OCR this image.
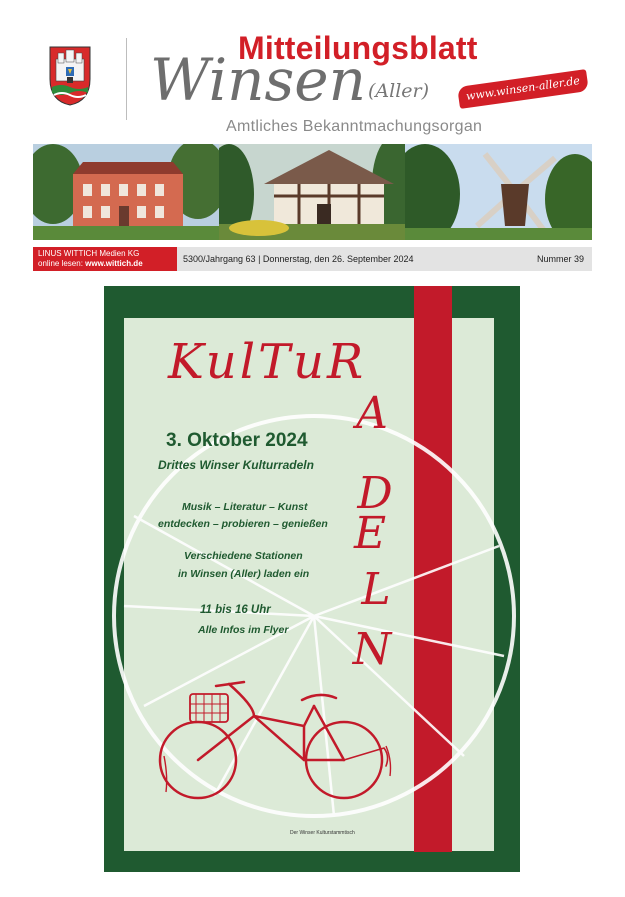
Mitteilungsblatt
Winsen (Aller)	www.winsen-aller.de
Amtliches Bekanntmachungsorgan
LINUS WITTICH Medien KG
online lesen: www.wittich.de	5300/Jahrgang 63 | Donnerstag, den 26. September 2024	Nummer 39
KulTuR
A
D
E
L
N
3. Oktober 2024
Drittes Winser Kulturradeln
Musik – Literatur – Kunst
entdecken – probieren – genießen
Verschiedene Stationen
in Winsen (Aller) laden ein
11 bis 16 Uhr
Alle Infos im Flyer
Der Winser Kulturstammtisch
